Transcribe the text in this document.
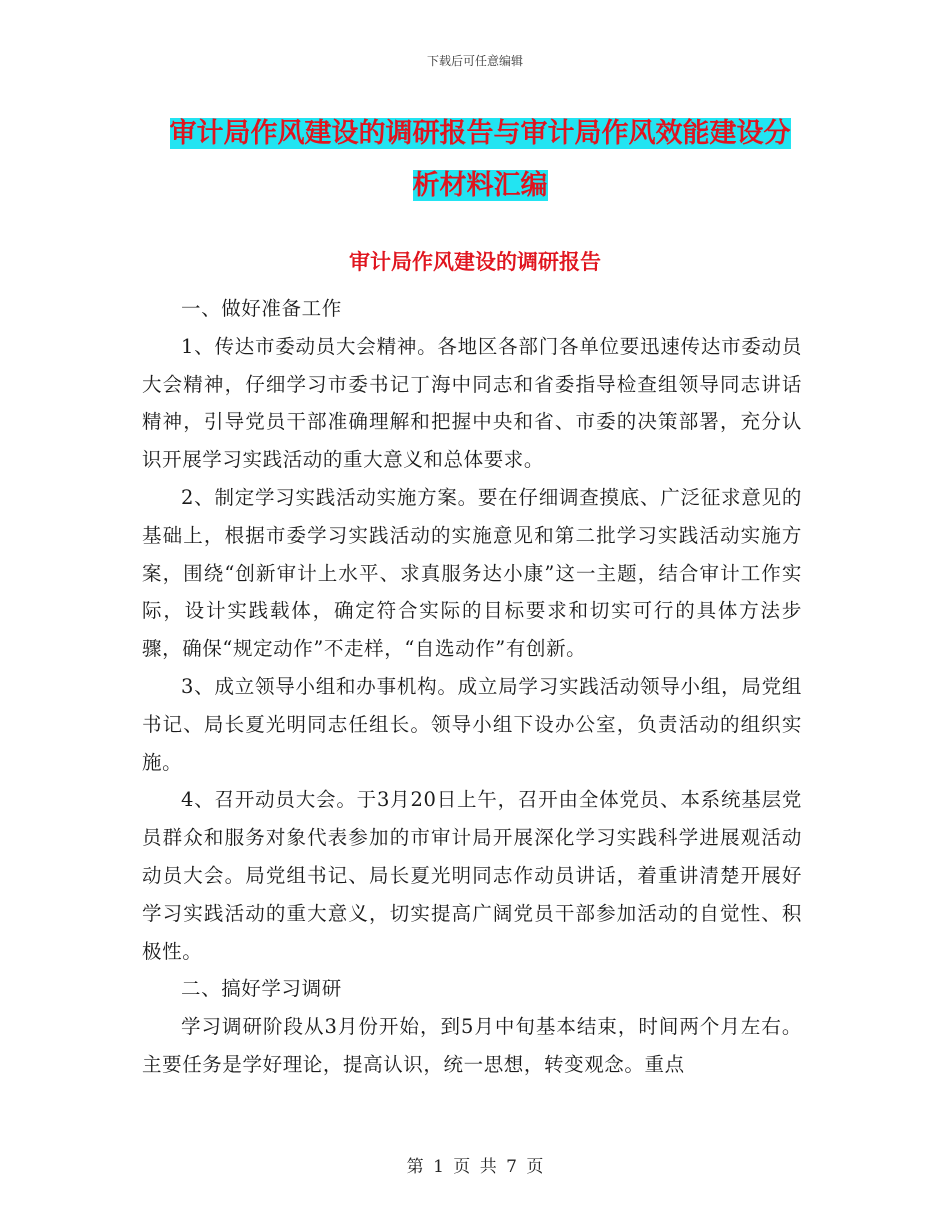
下载后可任意编辑
审计局作风建设的调研报告与审计局作风效能建设分
析材料汇编
审计局作风建设的调研报告

一、做好准备工作

1、传达市委动员大会精神。各地区各部门各单位要迅速传达市委动员大会精神，仔细学习市委书记丁海中同志和省委指导检查组领导同志讲话精神，引导党员干部准确理解和把握中央和省、市委的决策部署，充分认识开展学习实践活动的重大意义和总体要求。

2、制定学习实践活动实施方案。要在仔细调查摸底、广泛征求意见的基础上，根据市委学习实践活动的实施意见和第二批学习实践活动实施方案，围绕“创新审计上水平、求真服务达小康”这一主题，结合审计工作实际，设计实践载体，确定符合实际的目标要求和切实可行的具体方法步骤，确保“规定动作”不走样，“自选动作”有创新。

3、成立领导小组和办事机构。成立局学习实践活动领导小组，局党组书记、局长夏光明同志任组长。领导小组下设办公室，负责活动的组织实施。

4、召开动员大会。于3月20日上午，召开由全体党员、本系统基层党员群众和服务对象代表参加的市审计局开展深化学习实践科学进展观活动动员大会。局党组书记、局长夏光明同志作动员讲话，着重讲清楚开展好学习实践活动的重大意义，切实提高广阔党员干部参加活动的自觉性、积极性。

二、搞好学习调研

学习调研阶段从3月份开始，到5月中旬基本结束，时间两个月左右。主要任务是学好理论，提高认识，统一思想，转变观念。重点

第 1 页 共 7 页
